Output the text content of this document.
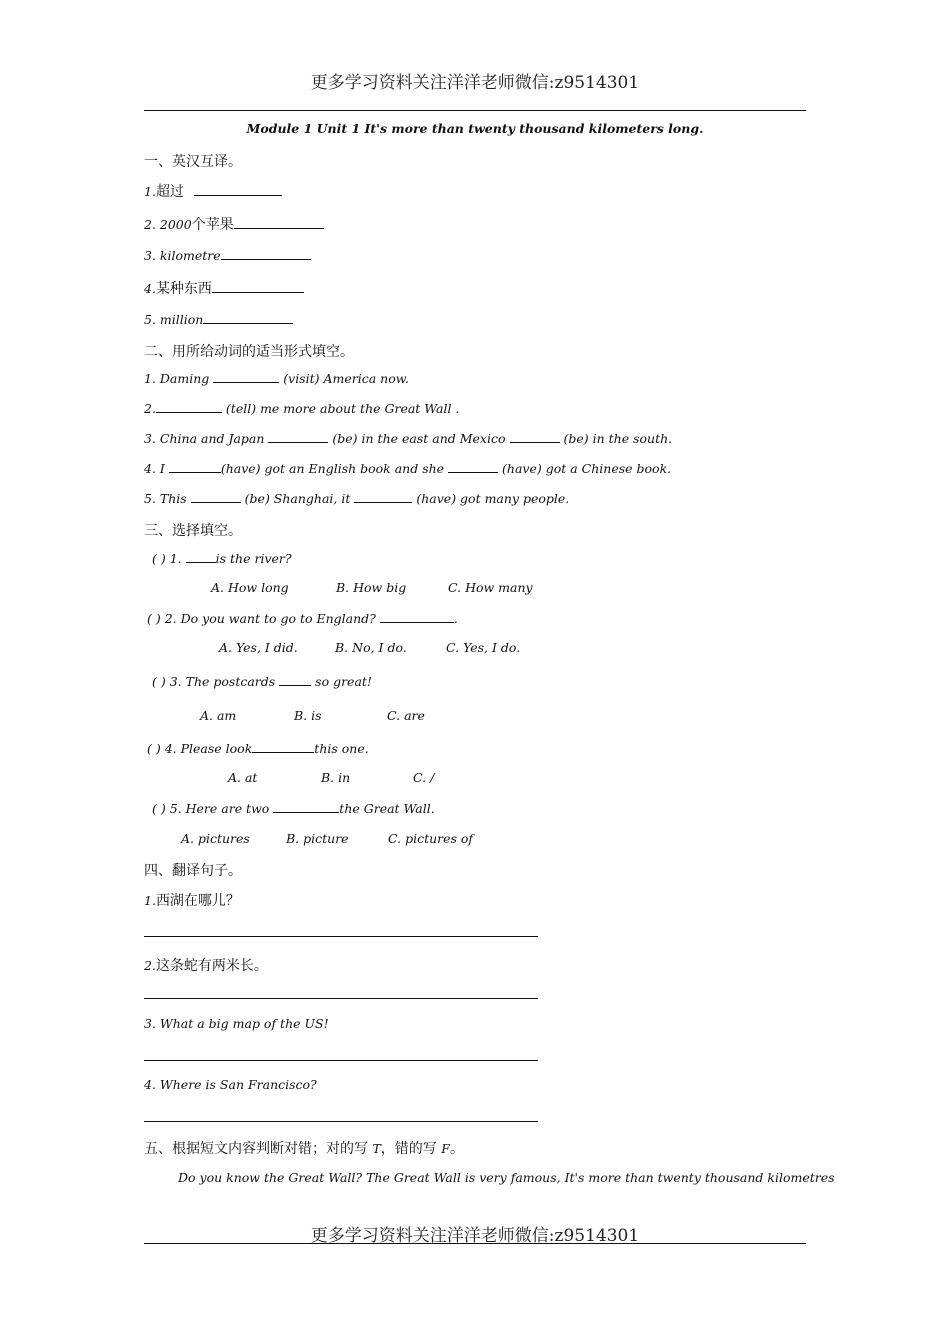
更多学习资料关注洋洋老师微信:z9514301
Module 1 Unit 1 It's more than twenty thousand kilometers long.
一、英汉互译。
1.超过
2. 2000个苹果
3. kilometre
4.某种东西
5. million
二、用所给动词的适当形式填空。
1. Daming	(visit) America now.
2.	(tell) me more about the Great Wall .
3. China and Japan	(be) in the east and Mexico	(be) in the south.
4. I	(have) got an English book and she	(have) got a Chinese book.
5. This	(be) Shanghai, it	(have) got many people.
三、选择填空。
( ) 1.	is the river?
A. How long	B. How big	C. How many
( ) 2. Do you want to go to England?	.
A. Yes, I did.	B. No, I do.	C. Yes, I do.
( ) 3. The postcards	so great!
A. am	B. is	C. are
( ) 4. Please look	this one.
A. at	B. in	C. /
( ) 5. Here are two	the Great Wall.
A. pictures	B. picture	C. pictures of
四、翻译句子。
1.西湖在哪儿？
2.这条蛇有两米长。
3. What a big map of the US!
4. Where is San Francisco?
五、根据短文内容判断对错；对的写 T，错的写 F。
Do you know the Great Wall? The Great Wall is very famous, It's more than twenty thousand kilometres
更多学习资料关注洋洋老师微信:z9514301
